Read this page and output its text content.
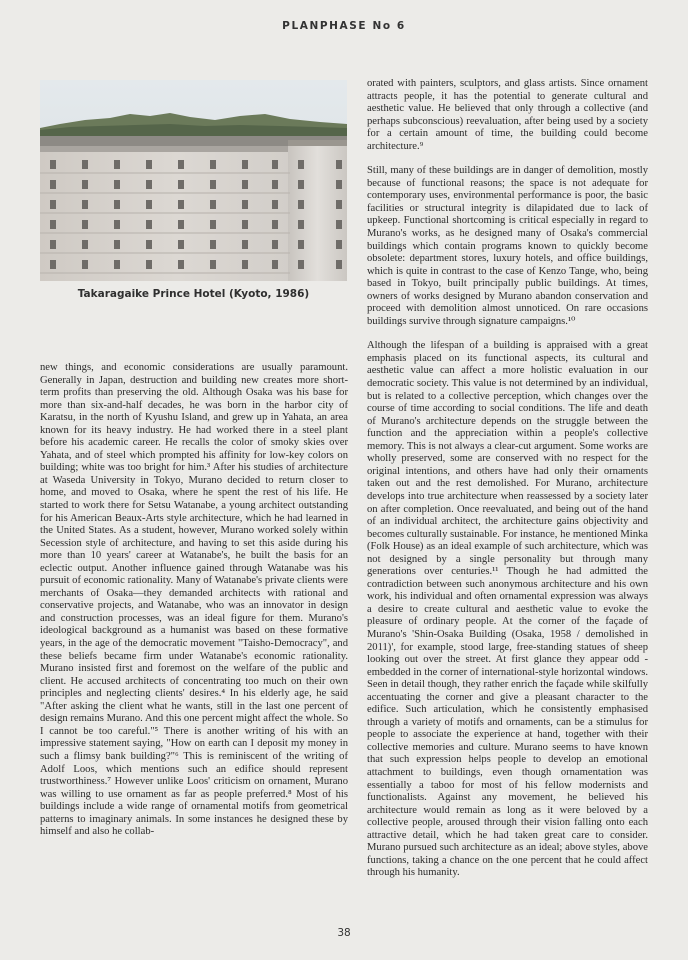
PLANPHASE No 6
Takaragaike Prince Hotel (Kyoto, 1986)

new things, and economic considerations are usually paramount. Generally in Japan, destruction and building new creates more short-term profits than preserving the old. Although Osaka was his base for more than six-and-half decades, he was born in the harbor city of Karatsu, in the north of Kyushu Island, and grew up in Yahata, an area known for its heavy industry. He had worked there in a steel plant before his academic career. He recalls the color of smoky skies over Yahata, and of steel which prompted his affinity for low-key colors on building; white was too bright for him.³ After his studies of architecture at Waseda University in Tokyo, Murano decided to return closer to home, and moved to Osaka, where he spent the rest of his life. He started to work there for Setsu Watanabe, a young architect outstanding for his American Beaux-Arts style architecture, which he had learned in the United States. As a student, however, Murano worked solely within Secession style of architecture, and having to set this aside during his more than 10 years' career at Watanabe's, he built the basis for an eclectic output. Another influence gained through Watanabe was his pursuit of economic rationality. Many of Watanabe's private clients were merchants of Osaka—they demanded architects with rational and conservative projects, and Watanabe, who was an innovator in design and construction processes, was an ideal figure for them. Murano's ideological background as a humanist was based on these formative years, in the age of the democratic movement "Taisho-Democracy", and these beliefs became firm under Watanabe's economic rationality. Murano insisted first and foremost on the welfare of the public and client. He accused architects of concentrating too much on their own principles and neglecting clients' desires.⁴ In his elderly age, he said "After asking the client what he wants, still in the last one percent of design remains Murano. And this one percent might affect the whole. So I cannot be too careful."⁵ There is another writing of his with an impressive statement saying, "How on earth can I deposit my money in such a flimsy bank building?"⁶ This is reminiscent of the writing of Adolf Loos, which mentions such an edifice should represent trustworthiness.⁷ However unlike Loos' criticism on ornament, Murano was willing to use ornament as far as people preferred.⁸ Most of his buildings include a wide range of ornamental motifs from geometrical patterns to imaginary animals. In some instances he designed these by himself and also he collab-

orated with painters, sculptors, and glass artists. Since ornament attracts people, it has the potential to generate cultural and aesthetic value. He believed that only through a collective (and perhaps subconscious) reevaluation, after being used by a society for a certain amount of time, the building could become architecture.⁹

Still, many of these buildings are in danger of demolition, mostly because of functional reasons; the space is not adequate for contemporary uses, environmental performance is poor, the basic facilities or structural integrity is dilapidated due to lack of upkeep. Functional shortcoming is critical especially in regard to Murano's works, as he designed many of Osaka's commercial buildings which contain programs known to quickly become obsolete: department stores, luxury hotels, and office buildings, which is quite in contrast to the case of Kenzo Tange, who, being based in Tokyo, built principally public buildings. At times, owners of works designed by Murano abandon conservation and proceed with demolition almost unnoticed. On rare occasions buildings survive through signature campaigns.¹⁰

Although the lifespan of a building is appraised with a great emphasis placed on its functional aspects, its cultural and aesthetic value can affect a more holistic evaluation in our democratic society. This value is not determined by an individual, but is related to a collective perception, which changes over the course of time according to social conditions. The life and death of Murano's architecture depends on the struggle between the function and the appreciation within a people's collective memory. This is not always a clear-cut argument. Some works are wholly preserved, some are conserved with no respect for the original intentions, and others have had only their ornaments taken out and the rest demolished. For Murano, architecture develops into true architecture when reassessed by a society later on after completion. Once reevaluated, and being out of the hand of an individual architect, the architecture gains objectivity and becomes culturally sustainable. For instance, he mentioned Minka (Folk House) as an ideal example of such architecture, which was not designed by a single personality but through many generations over centuries.¹¹ Though he had admitted the contradiction between such anonymous architecture and his own work, his individual and often ornamental expression was always a desire to create cultural and aesthetic value to evoke the pleasure of ordinary people. At the corner of the façade of Murano's 'Shin-Osaka Building (Osaka, 1958 / demolished in 2011)', for example, stood large, free-standing statues of sheep looking out over the street. At first glance they appear odd - embedded in the corner of international-style horizontal windows. Seen in detail though, they rather enrich the façade while skilfully accentuating the corner and give a pleasant character to the edifice. Such articulation, which he consistently emphasised through a variety of motifs and ornaments, can be a stimulus for people to associate the experience at hand, together with their collective memories and culture. Murano seems to have known that such expression helps people to develop an emotional attachment to buildings, even though ornamentation was essentially a taboo for most of his fellow modernists and functionalists. Against any movement, he believed his architecture would remain as long as it were beloved by a collective people, aroused through their vision falling onto each attractive detail, which he had taken great care to consider. Murano pursued such architecture as an ideal; above styles, above functions, taking a chance on the one percent that he could affect through his humanity.

38
